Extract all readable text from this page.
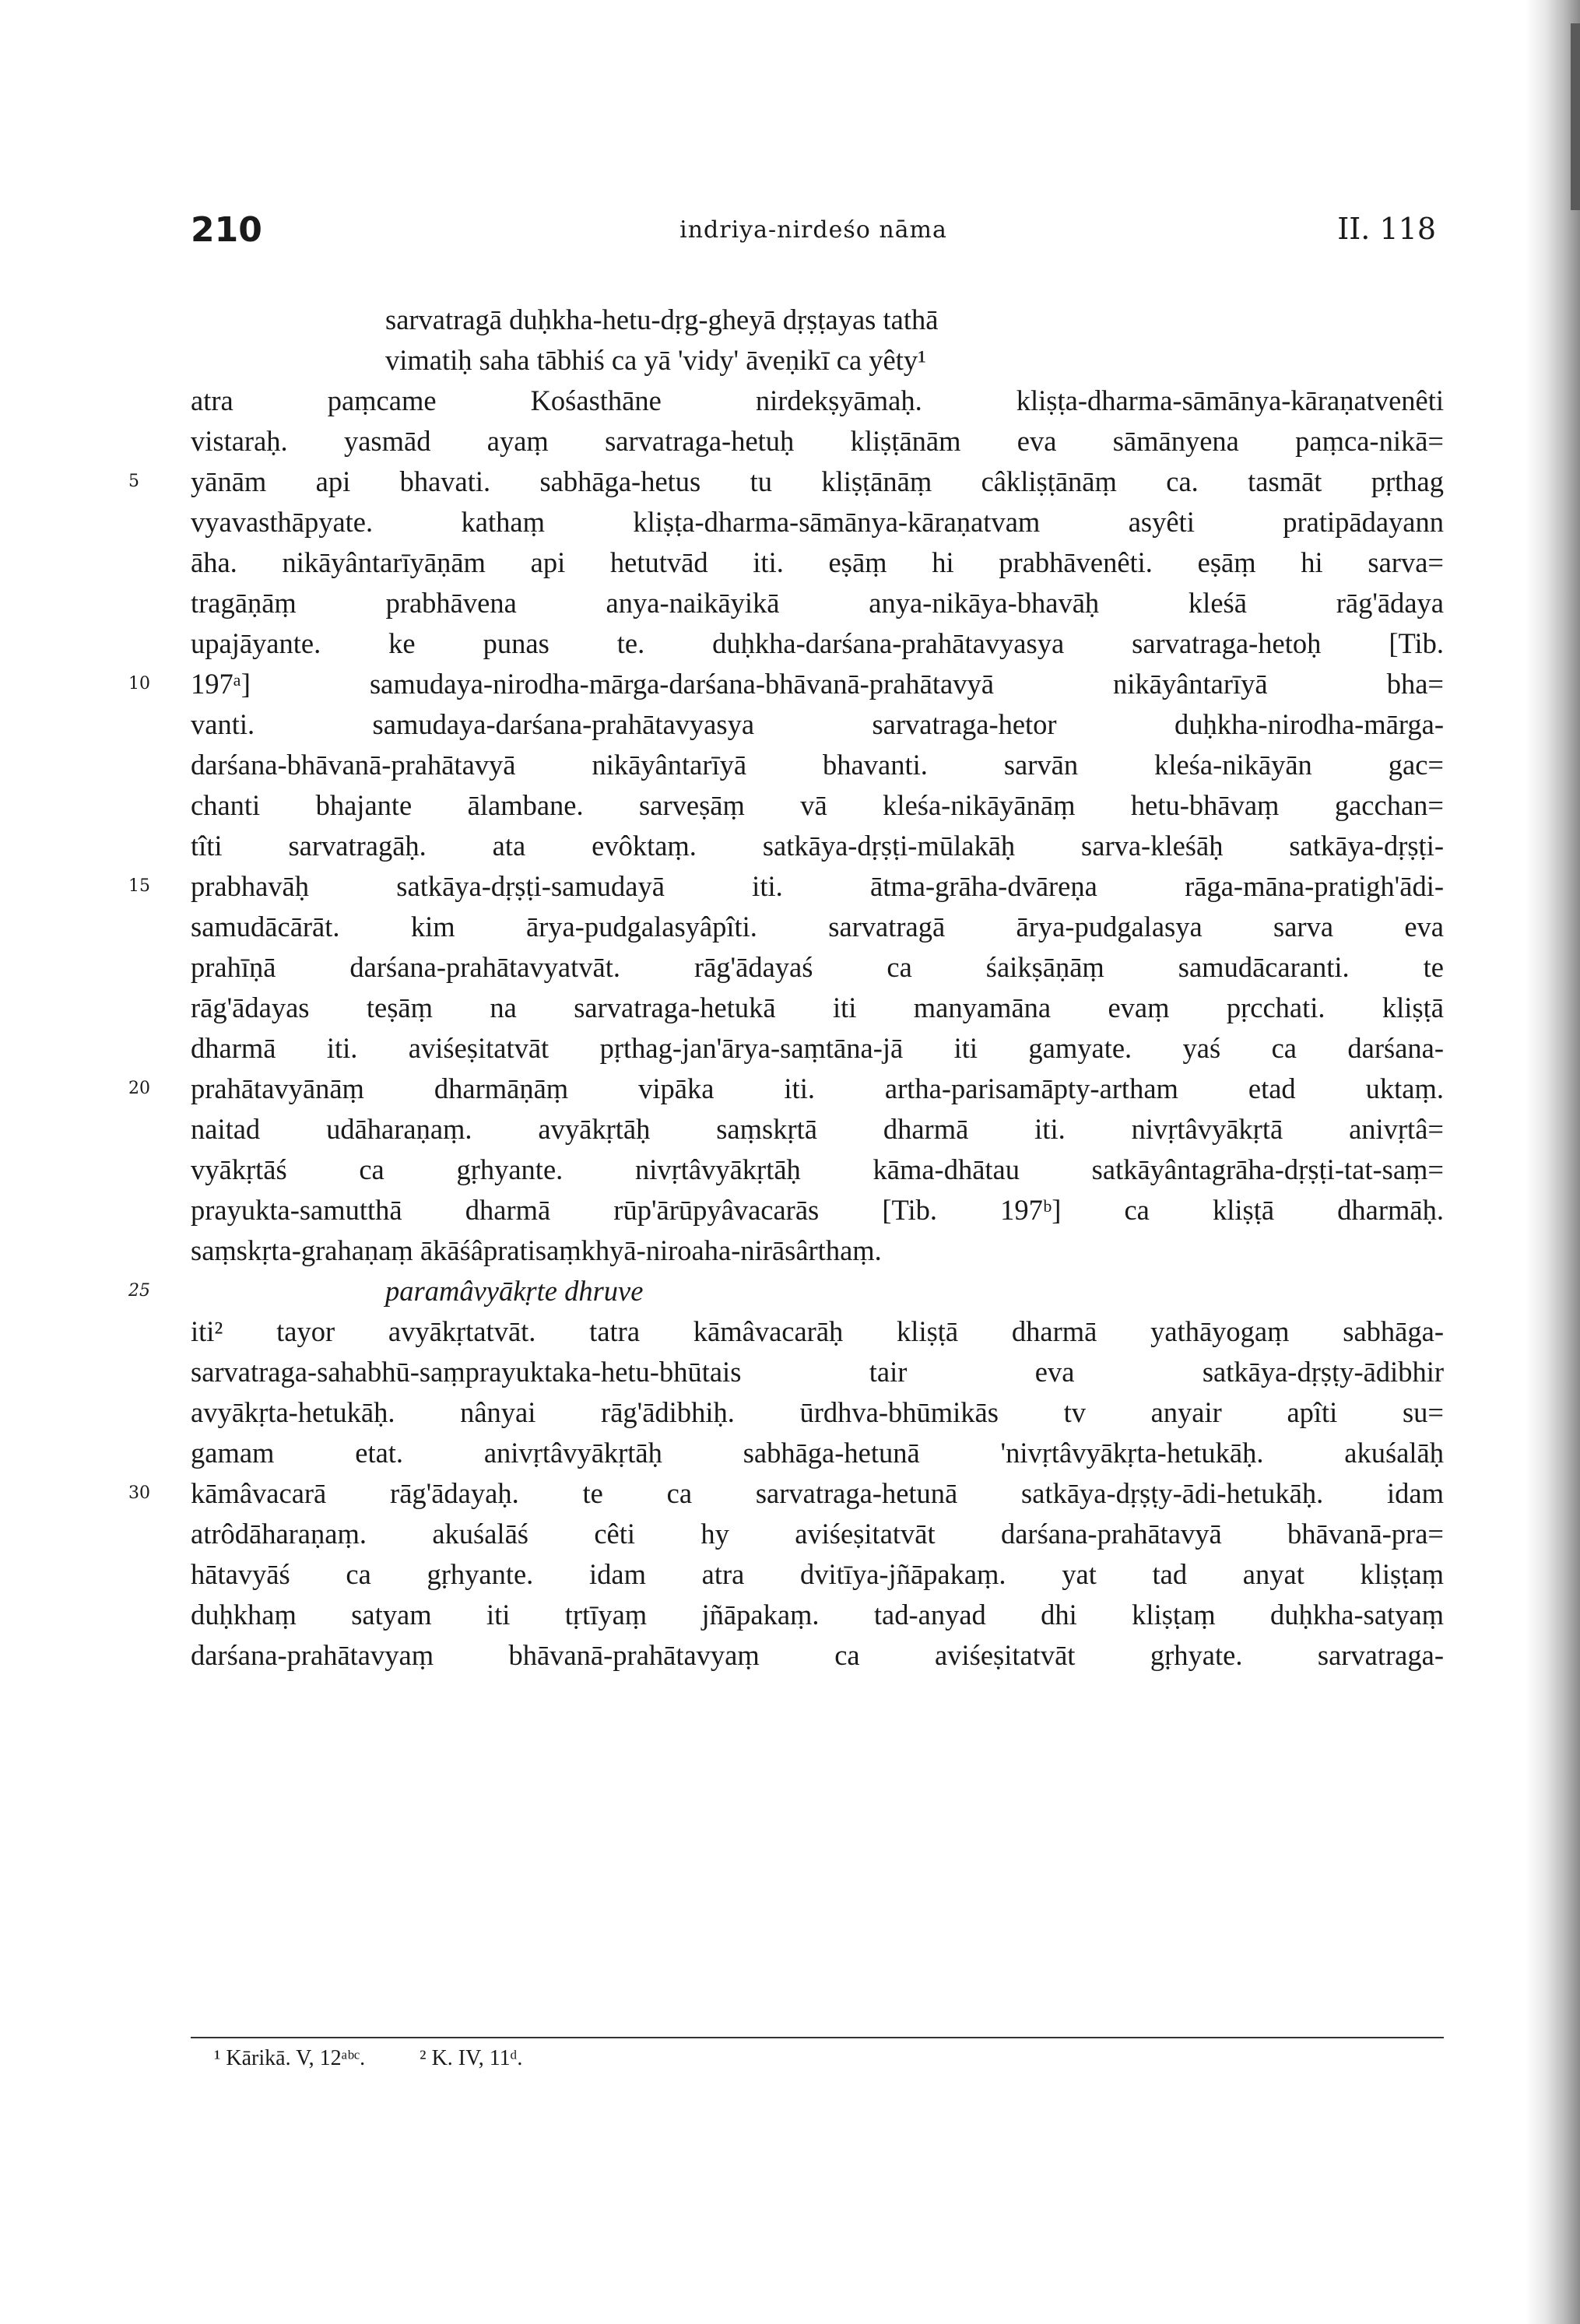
210	indriya-nirdeśo nāma	II. 118
sarvatragā duḥkha-hetu-dṛg-gheyā dṛṣṭayas tathā
vimatiḥ saha tābhiś ca yā 'vidy' āveṇikī ca yêty¹
atra paṃcame Kośasthāne nirdekṣyāmaḥ. kliṣṭa-dharma-sāmānya-kāraṇatvenêti
vistaraḥ. yasmād ayaṃ sarvatraga-hetuḥ kliṣṭānām eva sāmānyena paṃca-nikā=
5	yānām api bhavati. sabhāga-hetus tu kliṣṭānāṃ câkliṣṭānāṃ ca. tasmāt pṛthag
vyavasthāpyate. kathaṃ kliṣṭa-dharma-sāmānya-kāraṇatvam asyêti pratipādayann
āha. nikāyântarīyāṇām api hetutvād iti. eṣāṃ hi prabhāvenêti. eṣāṃ hi sarva=
tragāṇāṃ prabhāvena anya-naikāyikā anya-nikāya-bhavāḥ kleśā rāg'ādaya
upajāyante. ke punas te. duḥkha-darśana-prahātavyasya sarvatraga-hetoḥ [Tib.
10	197ᵃ] samudaya-nirodha-mārga-darśana-bhāvanā-prahātavyā nikāyântarīyā bha=
vanti. samudaya-darśana-prahātavyasya sarvatraga-hetor duḥkha-nirodha-mārga-
darśana-bhāvanā-prahātavyā nikāyântarīyā bhavanti. sarvān kleśa-nikāyān gac=
chanti bhajante ālambane. sarveṣāṃ vā kleśa-nikāyānāṃ hetu-bhāvaṃ gacchan=
tîti sarvatragāḥ. ata evôktaṃ. satkāya-dṛṣṭi-mūlakāḥ sarva-kleśāḥ satkāya-dṛṣṭi-
15	prabhavāḥ satkāya-dṛṣṭi-samudayā iti. ātma-grāha-dvāreṇa rāga-māna-pratigh'ādi-
samudācārāt. kim ārya-pudgalasyâpîti. sarvatragā ārya-pudgalasya sarva eva
prahīṇā darśana-prahātavyatvāt. rāg'ādayaś ca śaikṣāṇāṃ samudācaranti. te
rāg'ādayas teṣāṃ na sarvatraga-hetukā iti manyamāna evaṃ pṛcchati. kliṣṭā
dharmā iti. aviśeṣitatvāt pṛthag-jan'ārya-saṃtāna-jā iti gamyate. yaś ca darśana-
20	prahātavyānāṃ dharmāṇāṃ vipāka iti. artha-parisamāpty-artham etad uktaṃ.
naitad udāharaṇaṃ. avyākṛtāḥ saṃskṛtā dharmā iti. nivṛtâvyākṛtā anivṛtâ=
vyākṛtāś ca gṛhyante. nivṛtâvyākṛtāḥ kāma-dhātau satkāyântagrāha-dṛṣṭi-tat-saṃ=
prayukta-samutthā dharmā rūp'ārūpyâvacarās [Tib. 197ᵇ] ca kliṣṭā dharmāḥ.
saṃskṛta-grahaṇaṃ ākāśâpratisaṃkhyā-niroaha-nirāsârthaṃ.
25	paramâvyākṛte dhruve
iti² tayor avyākṛtatvāt. tatra kāmâvacarāḥ kliṣṭā dharmā yathāyogaṃ sabhāga-
sarvatraga-sahabhū-saṃprayuktaka-hetu-bhūtais tair eva satkāya-dṛṣṭy-ādibhir
avyākṛta-hetukāḥ. nânyai rāg'ādibhiḥ. ūrdhva-bhūmikās tv anyair apîti su=
gamam etat. anivṛtâvyākṛtāḥ sabhāga-hetunā 'nivṛtâvyākṛta-hetukāḥ. akuśalāḥ
30	kāmâvacarā rāg'ādayaḥ. te ca sarvatraga-hetunā satkāya-dṛṣṭy-ādi-hetukāḥ. idam
atrôdāharaṇaṃ. akuśalāś cêti hy aviśeṣitatvāt darśana-prahātavyā bhāvanā-pra=
hātavyāś ca gṛhyante. idam atra dvitīya-jñāpakaṃ. yat tad anyat kliṣṭaṃ
duḥkhaṃ satyam iti tṛtīyaṃ jñāpakaṃ. tad-anyad dhi kliṣṭaṃ duḥkha-satyaṃ
darśana-prahātavyaṃ bhāvanā-prahātavyaṃ ca aviśeṣitatvāt gṛhyate. sarvatraga-
¹ Kārikā. V, 12ᵃᵇᶜ.	² K. IV, 11ᵈ.
